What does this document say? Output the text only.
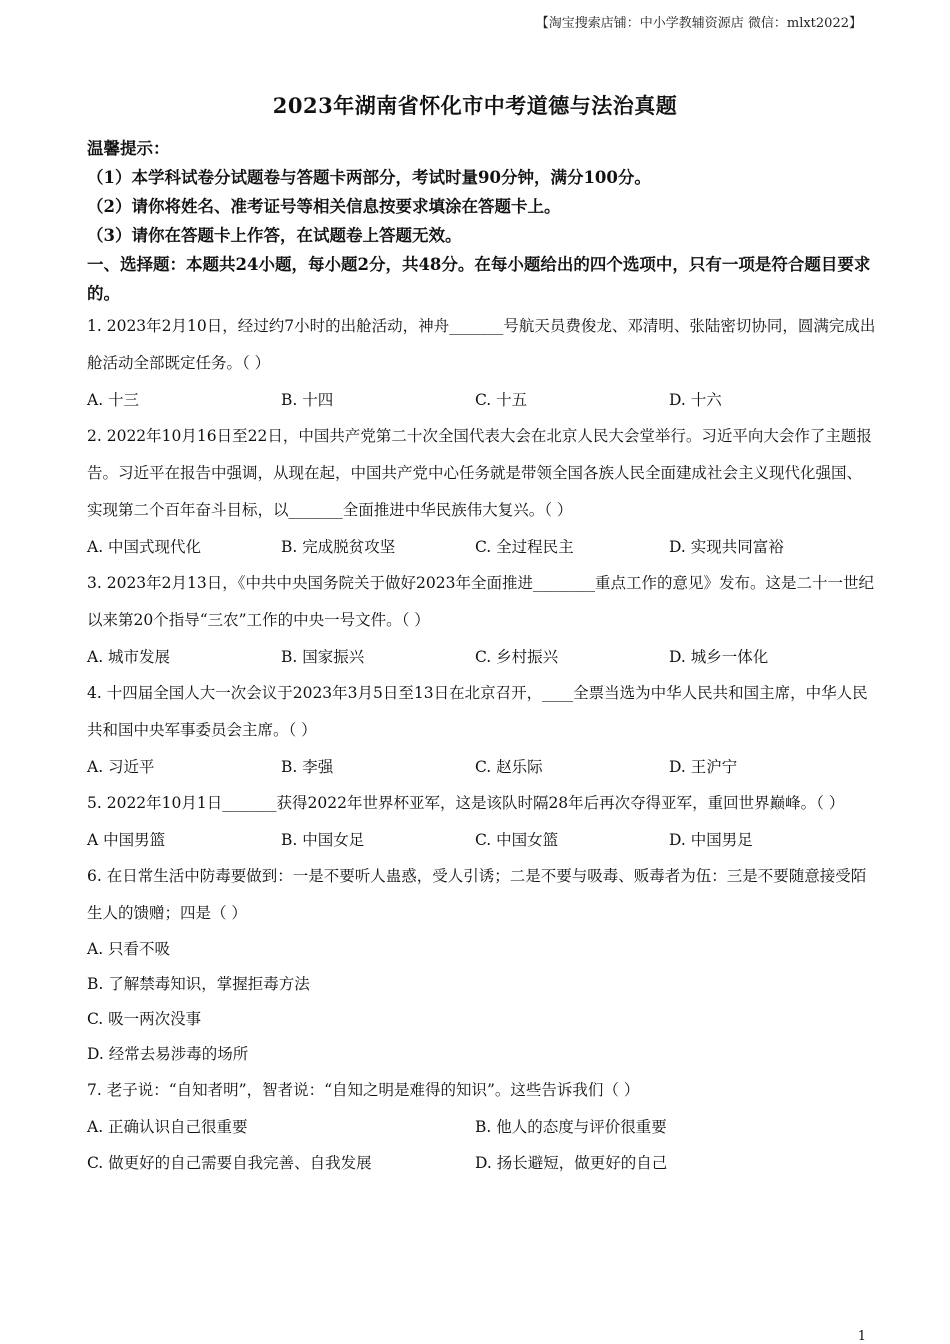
【淘宝搜索店铺：中小学教辅资源店 微信：mlxt2022】
2023年湖南省怀化市中考道德与法治真题
温馨提示：
（1）本学科试卷分试题卷与答题卡两部分，考试时量90分钟，满分100分。
（2）请你将姓名、准考证号等相关信息按要求填涂在答题卡上。
（3）请你在答题卡上作答，在试题卷上答题无效。
一、选择题：本题共24小题，每小题2分，共48分。在每小题给出的四个选项中，只有一项是符合题目要求的。
1. 2023年2月10日，经过约7小时的出舱活动，神舟_______号航天员费俊龙、邓清明、张陆密切协同，圆满完成出舱活动全部既定任务。（ ）
A. 十三	B. 十四	C. 十五	D. 十六
2. 2022年10月16日至22日，中国共产党第二十次全国代表大会在北京人民大会堂举行。习近平向大会作了主题报告。习近平在报告中强调，从现在起，中国共产党中心任务就是带领全国各族人民全面建成社会主义现代化强国、实现第二个百年奋斗目标，以_______全面推进中华民族伟大复兴。（ ）
A. 中国式现代化	B. 完成脱贫攻坚	C. 全过程民主	D. 实现共同富裕
3. 2023年2月13日，《中共中央国务院关于做好2023年全面推进________重点工作的意见》发布。这是二十一世纪以来第20个指导“三农”工作的中央一号文件。（ ）
A. 城市发展	B. 国家振兴	C. 乡村振兴	D. 城乡一体化
4. 十四届全国人大一次会议于2023年3月5日至13日在北京召开，____全票当选为中华人民共和国主席，中华人民共和国中央军事委员会主席。（ ）
A. 习近平	B. 李强	C. 赵乐际	D. 王沪宁
5. 2022年10月1日_______获得2022年世界杯亚军，这是该队时隔28年后再次夺得亚军，重回世界巅峰。（ ）
A 中国男篮	B. 中国女足	C. 中国女篮	D. 中国男足
6. 在日常生活中防毒要做到：一是不要听人蛊惑，受人引诱；二是不要与吸毒、贩毒者为伍：三是不要随意接受陌生人的馈赠；四是（ ）
A. 只看不吸
B. 了解禁毒知识，掌握拒毒方法
C. 吸一两次没事
D. 经常去易涉毒的场所
7. 老子说：“自知者明”，智者说：“自知之明是难得的知识”。这些告诉我们（ ）
A. 正确认识自己很重要	B. 他人的态度与评价很重要
C. 做更好的自己需要自我完善、自我发展	D. 扬长避短，做更好的自己
1
